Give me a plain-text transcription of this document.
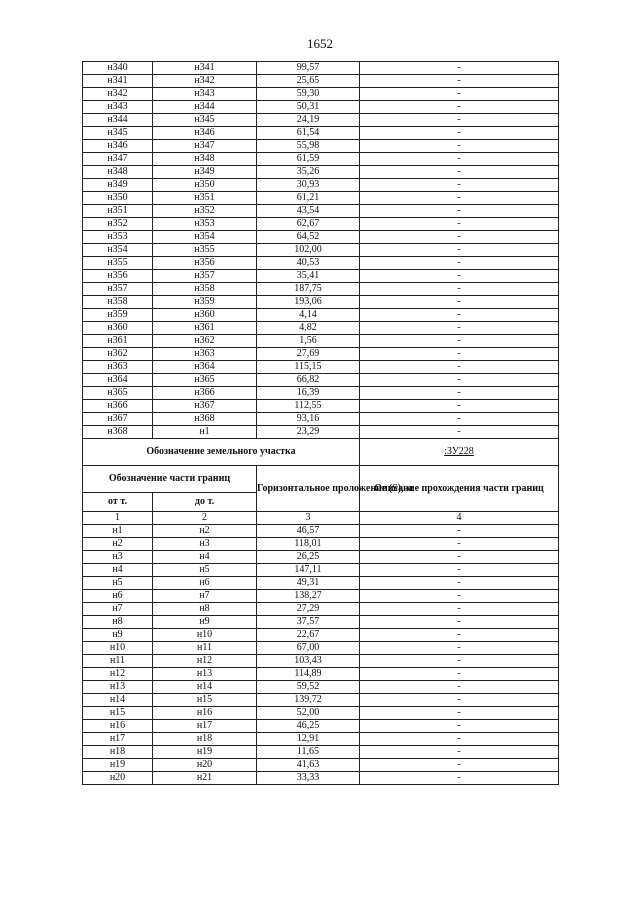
1652
н340	н341	99,57	-
н341	н342	25,65	-
н342	н343	59,30	-
н343	н344	50,31	-
н344	н345	24,19	-
н345	н346	61,54	-
н346	н347	55,98	-
н347	н348	61,59	-
н348	н349	35,26	-
н349	н350	30,93	-
н350	н351	61,21	-
н351	н352	43,54	-
н352	н353	62,67	-
н353	н354	64,52	-
н354	н355	102,00	-
н355	н356	40,53	-
н356	н357	35,41	-
н357	н358	187,75	-
н358	н359	193,06	-
н359	н360	4,14	-
н360	н361	4,82	-
н361	н362	1,56	-
н362	н363	27,69	-
н363	н364	115,15	-
н364	н365	66,82	-
н365	н366	16,39	-
н366	н367	112,55	-
н367	н368	93,16	-
н368	н1	23,29	-
Обозначение земельного участка			:ЗУ228
Обозначение части границ		Горизонтальное проложение (S), м	Описание прохождения части границ
от т.	до т.		
1	2	3	4
н1	н2	46,57	-
н2	н3	118,01	-
н3	н4	26,25	-
н4	н5	147,11	-
н5	н6	49,31	-
н6	н7	138,27	-
н7	н8	27,29	-
н8	н9	37,57	-
н9	н10	22,67	-
н10	н11	67,00	-
н11	н12	103,43	-
н12	н13	114,89	-
н13	н14	59,52	-
н14	н15	139,72	-
н15	н16	52,00	-
н16	н17	46,25	-
н17	н18	12,91	-
н18	н19	11,65	-
н19	н20	41,63	-
н20	н21	33,33	-
